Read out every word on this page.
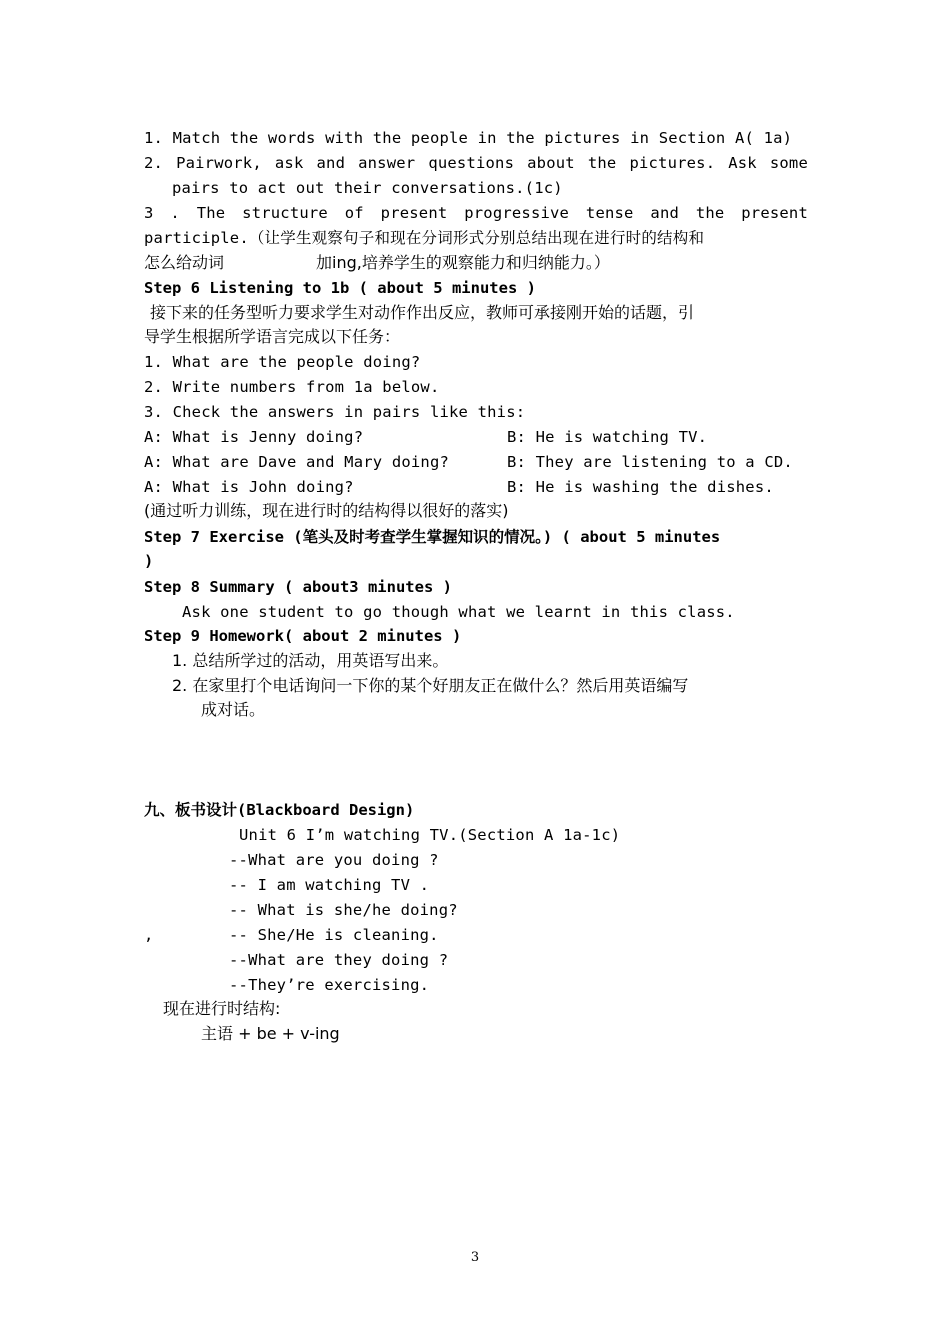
1. Match the words with the people in the pictures in Section A( 1a)
2. Pairwork, ask and answer questions about the pictures. Ask some
pairs to act out their conversations.(1c)
3 . The structure of present progressive tense and the present
participle.（让学生观察句子和现在分词形式分别总结出现在进行时的结构和
怎么给动词	加ing,培养学生的观察能力和归纳能力。）
Step 6 Listening to 1b ( about 5 minutes )
接下来的任务型听力要求学生对动作作出反应，教师可承接刚开始的话题，引
导学生根据所学语言完成以下任务：
1. What are the people doing?
2. Write numbers from 1a below.
3. Check the answers in pairs like this:
A: What is Jenny doing?	B: He is watching TV.
A: What are Dave and Mary doing?	B: They are listening to a CD.
A: What is John doing?	B: He is washing the dishes.
(通过听力训练，现在进行时的结构得以很好的落实)
Step 7 Exercise (笔头及时考查学生掌握知识的情况。) ( about 5 minutes
)
Step 8 Summary ( about3 minutes )
Ask one student to go though what we learnt in this class.
Step 9 Homework( about 2 minutes )
1. 总结所学过的活动，用英语写出来。
2. 在家里打个电话询问一下你的某个好朋友正在做什么？然后用英语编写
成对话。
九、板书设计(Blackboard Design)
Unit 6 I’m watching TV.(Section A 1a-1c)
--What are you doing ?
-- I am watching TV .
-- What is she/he doing?
,	-- She/He is cleaning.
--What are they doing ?
--They’re exercising.
现在进行时结构:
主语 + be + v-ing
3
